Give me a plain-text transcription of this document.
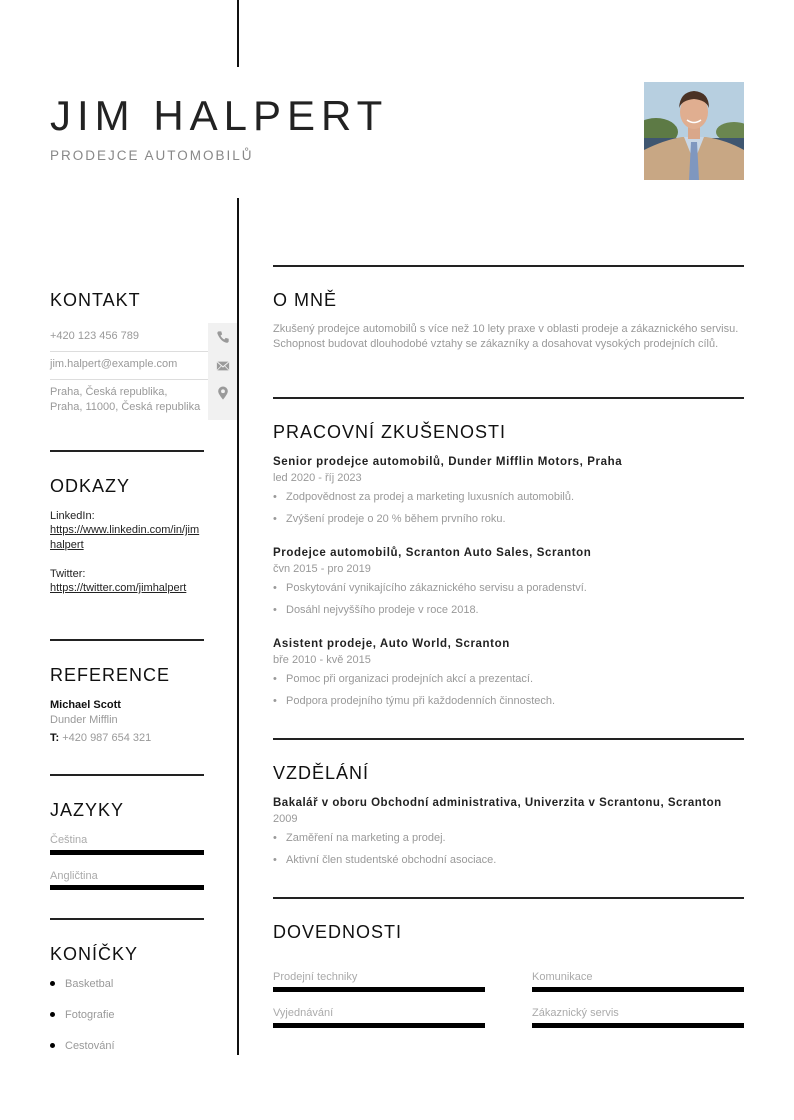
JIM HALPERT
PRODEJCE AUTOMOBILŮ
KONTAKT
+420 123 456 789
jim.halpert@example.com
Praha, Česká republika,
Praha, 11000, Česká republika
ODKAZY
LinkedIn:
https://www.linkedin.com/in/jimhalpert
Twitter:
https://twitter.com/jimhalpert
REFERENCE
Michael Scott
Dunder Mifflin
T: +420 987 654 321
JAZYKY
Čeština
Angličtina
KONÍČKY
Basketbal
Fotografie
Cestování
O MNĚ
Zkušený prodejce automobilů s více než 10 lety praxe v oblasti prodeje a zákaznického servisu. Schopnost budovat dlouhodobé vztahy se zákazníky a dosahovat vysokých prodejních cílů.
PRACOVNÍ ZKUŠENOSTI
Senior prodejce automobilů, Dunder Mifflin Motors, Praha
led 2020 - říj 2023
• Zodpovědnost za prodej a marketing luxusních automobilů.
• Zvýšení prodeje o 20 % během prvního roku.
Prodejce automobilů, Scranton Auto Sales, Scranton
čvn 2015 - pro 2019
• Poskytování vynikajícího zákaznického servisu a poradenství.
• Dosáhl nejvyššího prodeje v roce 2018.
Asistent prodeje, Auto World, Scranton
bře 2010 - kvě 2015
• Pomoc při organizaci prodejních akcí a prezentací.
• Podpora prodejního týmu při každodenních činnostech.
VZDĚLÁNÍ
Bakalář v oboru Obchodní administrativa, Univerzita v Scrantonu, Scranton
2009
• Zaměření na marketing a prodej.
• Aktivní člen studentské obchodní asociace.
DOVEDNOSTI
Prodejní techniky	Komunikace
Vyjednávání	Zákaznický servis
